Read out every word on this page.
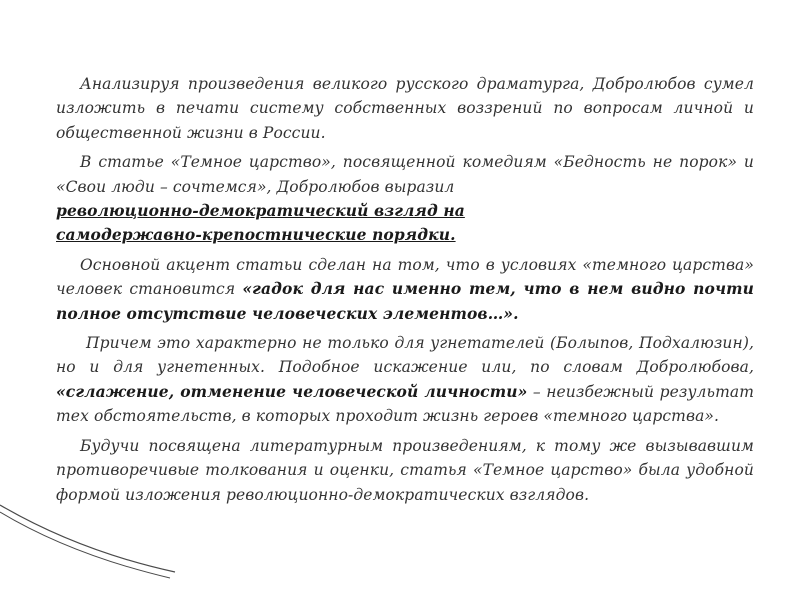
Анализируя произведения великого русского драматурга, Добролюбов сумел изложить в печати систему собственных воззрений по вопросам личной и общественной жизни в России.

В статье «Темное царство», посвященной комедиям «Бедность не порок» и «Свои люди – сочтемся», Добролюбов выразил
революционно-демократический взгляд на
самодержавно-крепостнические порядки.

Основной акцент статьи сделан на том, что в условиях «темного царства» человек становится «гадок для нас именно тем, что в нем видно почти полное отсутствие человеческих элементов…».

Причем это характерно не только для угнетателей (Болыпов, Подхалюзин), но и для угнетенных. Подобное искажение или, по словам Добролюбова, «сглажение, отменение человеческой личности» – неизбежный результат тех обстоятельств, в которых проходит жизнь героев «темного царства».

Будучи посвящена литературным произведениям, к тому же вызывавшим противоречивые толкования и оценки, статья «Темное царство» была удобной формой изложения революционно-демократических взглядов.
